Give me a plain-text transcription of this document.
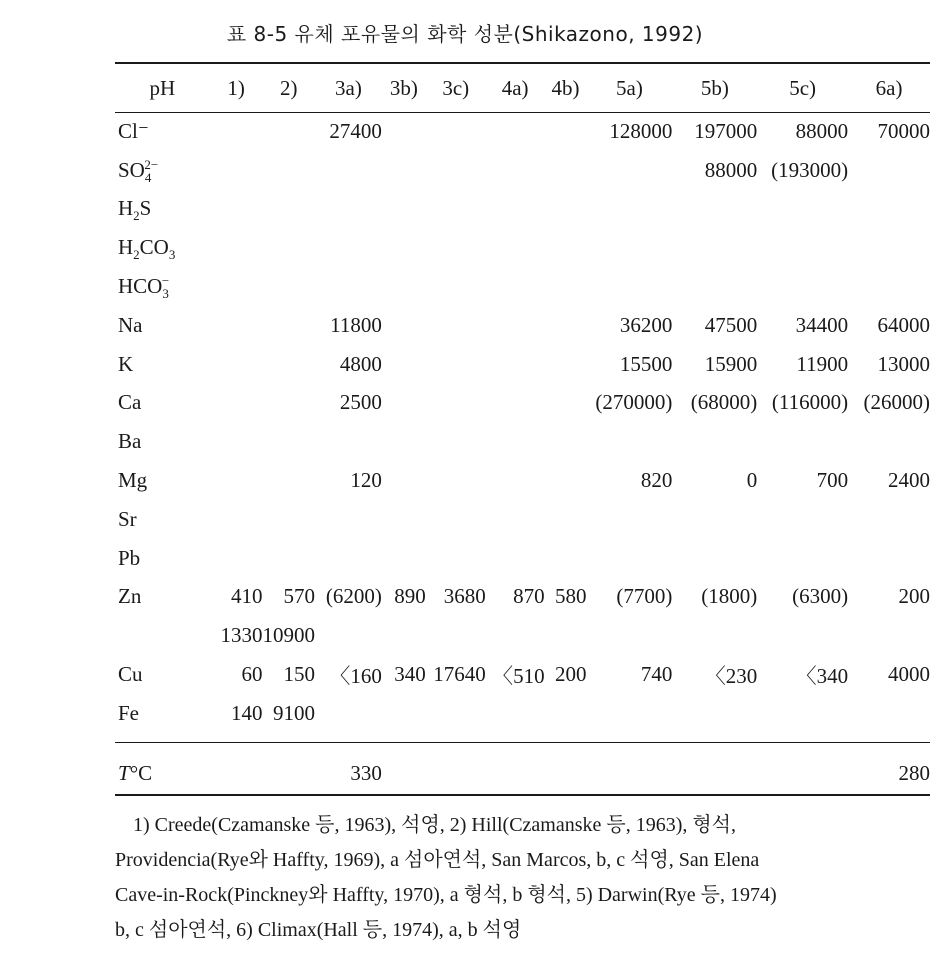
표 8-5 유체 포유물의 화학 성분(Shikazono, 1992)
pH	1)	2)	3a)	3b)	3c)	4a)	4b)	5a)	5b)	5c)	6a)
Cl⁻			27400					128000	197000	88000	70000
$SO_4^{2-}$									88000	(193000)	
$H_2S$											
$H_2CO_3$											
$HCO_3^-$											
Na			11800					36200	47500	34400	64000
K			4800					15500	15900	11900	13000
Ca			2500					(270000)	(68000)	(116000)	(26000)
Ba											
Mg			120					820	0	700	2400
Sr											
Pb											
Zn	410	570	(6200)	890	3680	870	580	(7700)	(1800)	(6300)	200
	1330	10900									
Cu	60	150	〈160	340	17640	〈510	200	740	〈230	〈340	4000
Fe	140	9100									

T°C			330								280
1) Creede(Czamanske 등, 1963), 석영, 2) Hill(Czamanske 등, 1963), 형석,
Providencia(Rye와 Haffty, 1969), a 섬아연석, San Marcos, b, c 석영, San Elena
Cave-in-Rock(Pinckney와 Haffty, 1970), a 형석, b 형석, 5) Darwin(Rye 등, 1974)
b, c 섬아연석, 6) Climax(Hall 등, 1974), a, b 석영
